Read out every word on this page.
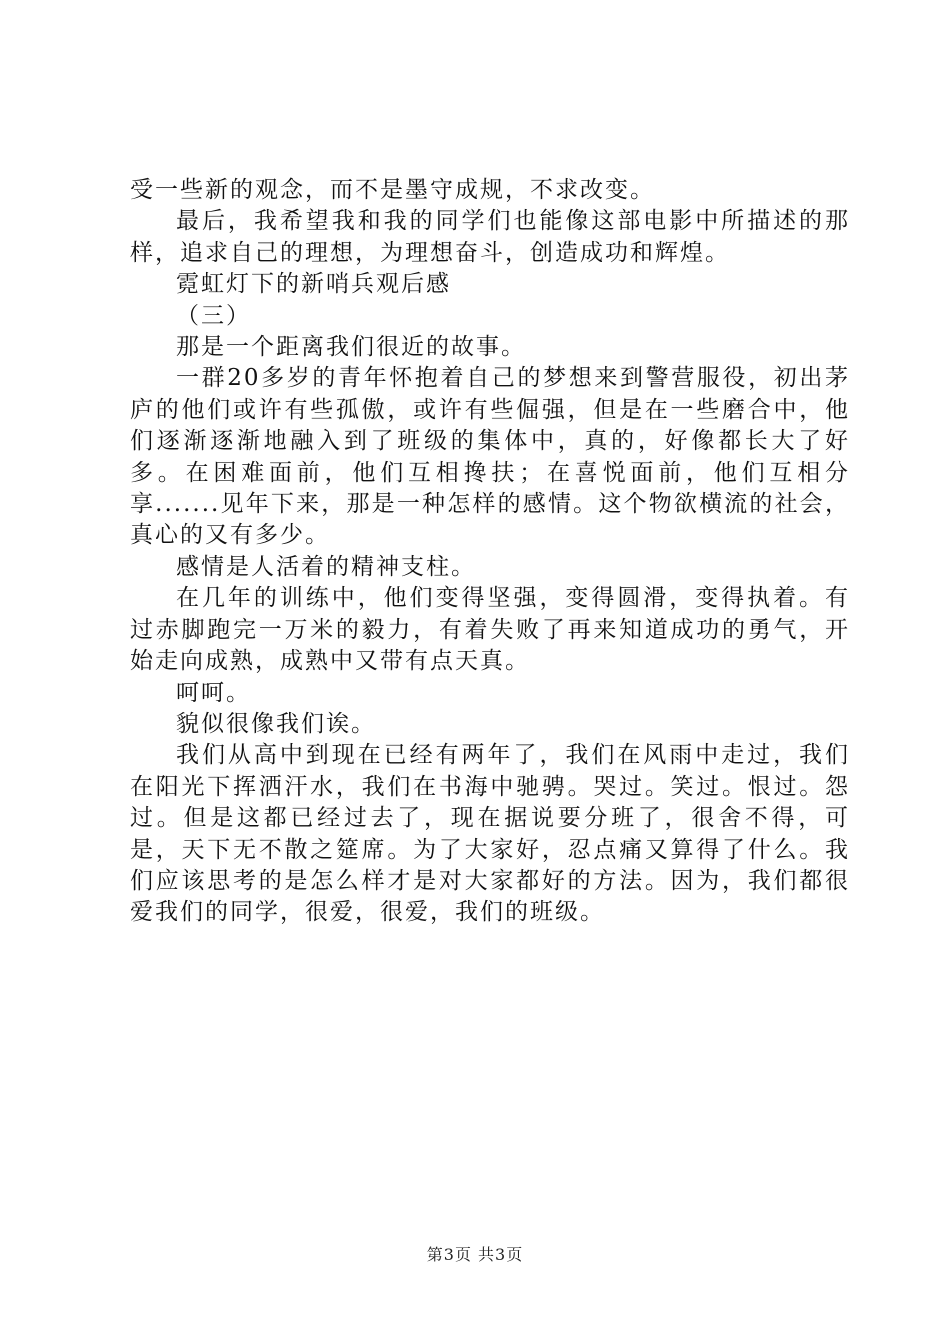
受一些新的观念，而不是墨守成规，不求改变。

最后，我希望我和我的同学们也能像这部电影中所描述的那样，追求自己的理想，为理想奋斗，创造成功和辉煌。

霓虹灯下的新哨兵观后感

（三）

那是一个距离我们很近的故事。

一群20多岁的青年怀抱着自己的梦想来到警营服役，初出茅庐的他们或许有些孤傲，或许有些倔强，但是在一些磨合中，他们逐渐逐渐地融入到了班级的集体中，真的，好像都长大了好多。在困难面前，他们互相搀扶；在喜悦面前，他们互相分享.......见年下来，那是一种怎样的感情。这个物欲横流的社会，真心的又有多少。

感情是人活着的精神支柱。

在几年的训练中，他们变得坚强，变得圆滑，变得执着。有过赤脚跑完一万米的毅力，有着失败了再来知道成功的勇气，开始走向成熟，成熟中又带有点天真。

呵呵。

貌似很像我们诶。

我们从高中到现在已经有两年了，我们在风雨中走过，我们在阳光下挥洒汗水，我们在书海中驰骋。哭过。笑过。恨过。怨过。但是这都已经过去了，现在据说要分班了，很舍不得，可是，天下无不散之筵席。为了大家好，忍点痛又算得了什么。我们应该思考的是怎么样才是对大家都好的方法。因为，我们都很爱我们的同学，很爱，很爱，我们的班级。

第3页 共3页
